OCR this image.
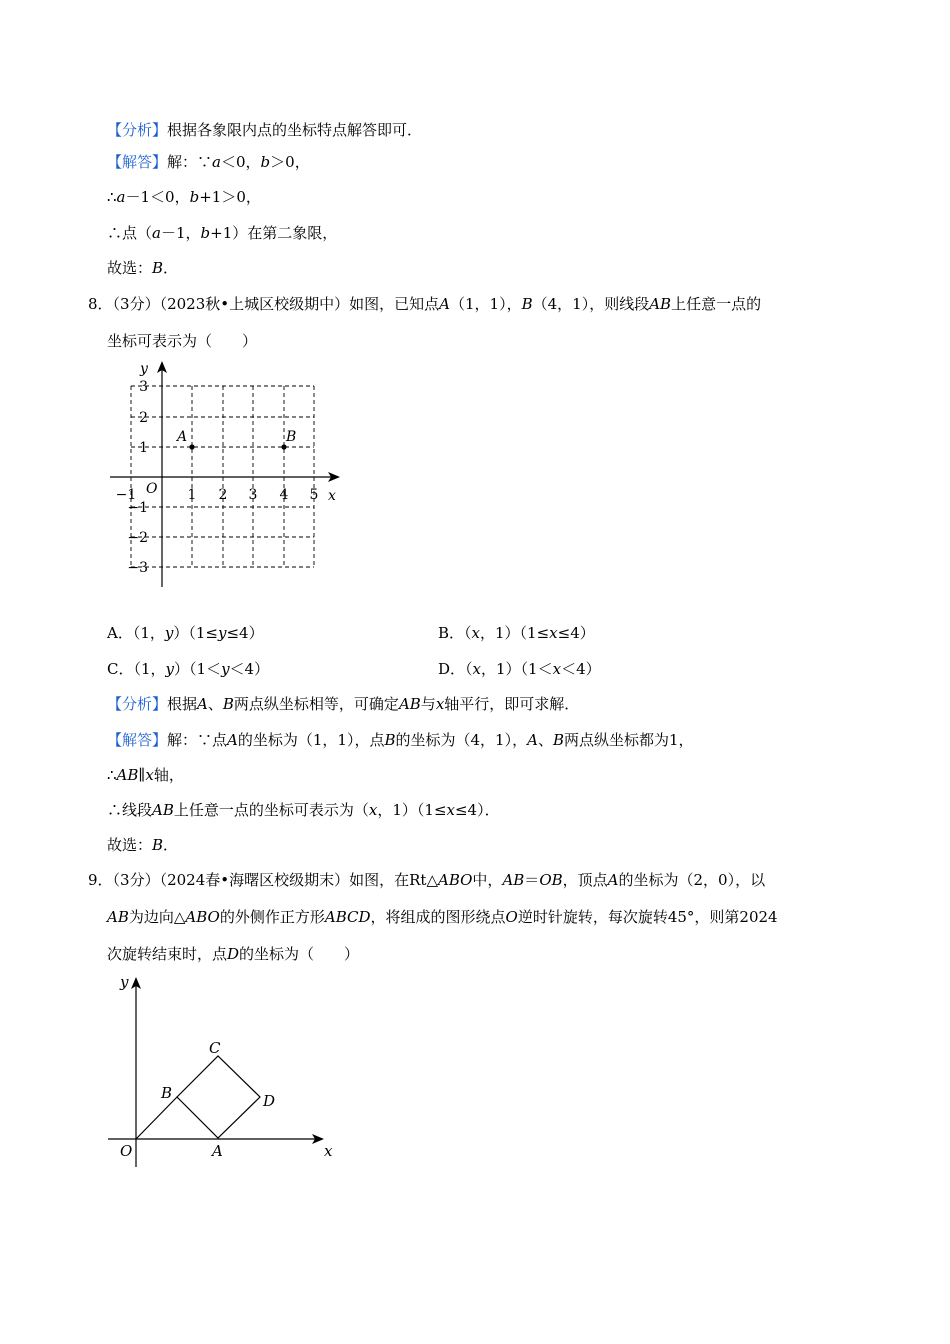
【分析】根据各象限内点的坐标特点解答即可．
【解答】解：∵a＜0，b＞0，
∴a－1＜0，b+1＞0，
∴点（a－1，b+1）在第二象限，
故选：B．
8．（3分）（2023秋•上城区校级期中）如图，已知点A（1，1），B（4，1），则线段AB上任意一点的
坐标可表示为（　　）
y
x
O
−1	1 2 3 4 5
3
2
1
−1
−2
−3
A	B
A．（1，y）（1≤y≤4）	B．（x，1）（1≤x≤4）
C．（1，y）（1＜y＜4）	D．（x，1）（1＜x＜4）
【分析】根据A、B两点纵坐标相等，可确定AB与x轴平行，即可求解．
【解答】解：∵点A的坐标为（1，1），点B的坐标为（4，1），A、B两点纵坐标都为1，
∴AB∥x轴，
∴线段AB上任意一点的坐标可表示为（x，1）（1≤x≤4）．
故选：B．
9．（3分）（2024春•海曙区校级期末）如图，在Rt△ABO中，AB＝OB，顶点A的坐标为（2，0），以
AB为边向△ABO的外侧作正方形ABCD，将组成的图形绕点O逆时针旋转，每次旋转45°，则第2024
次旋转结束时，点D的坐标为（　　）
y
x
O	A
B
C
D
